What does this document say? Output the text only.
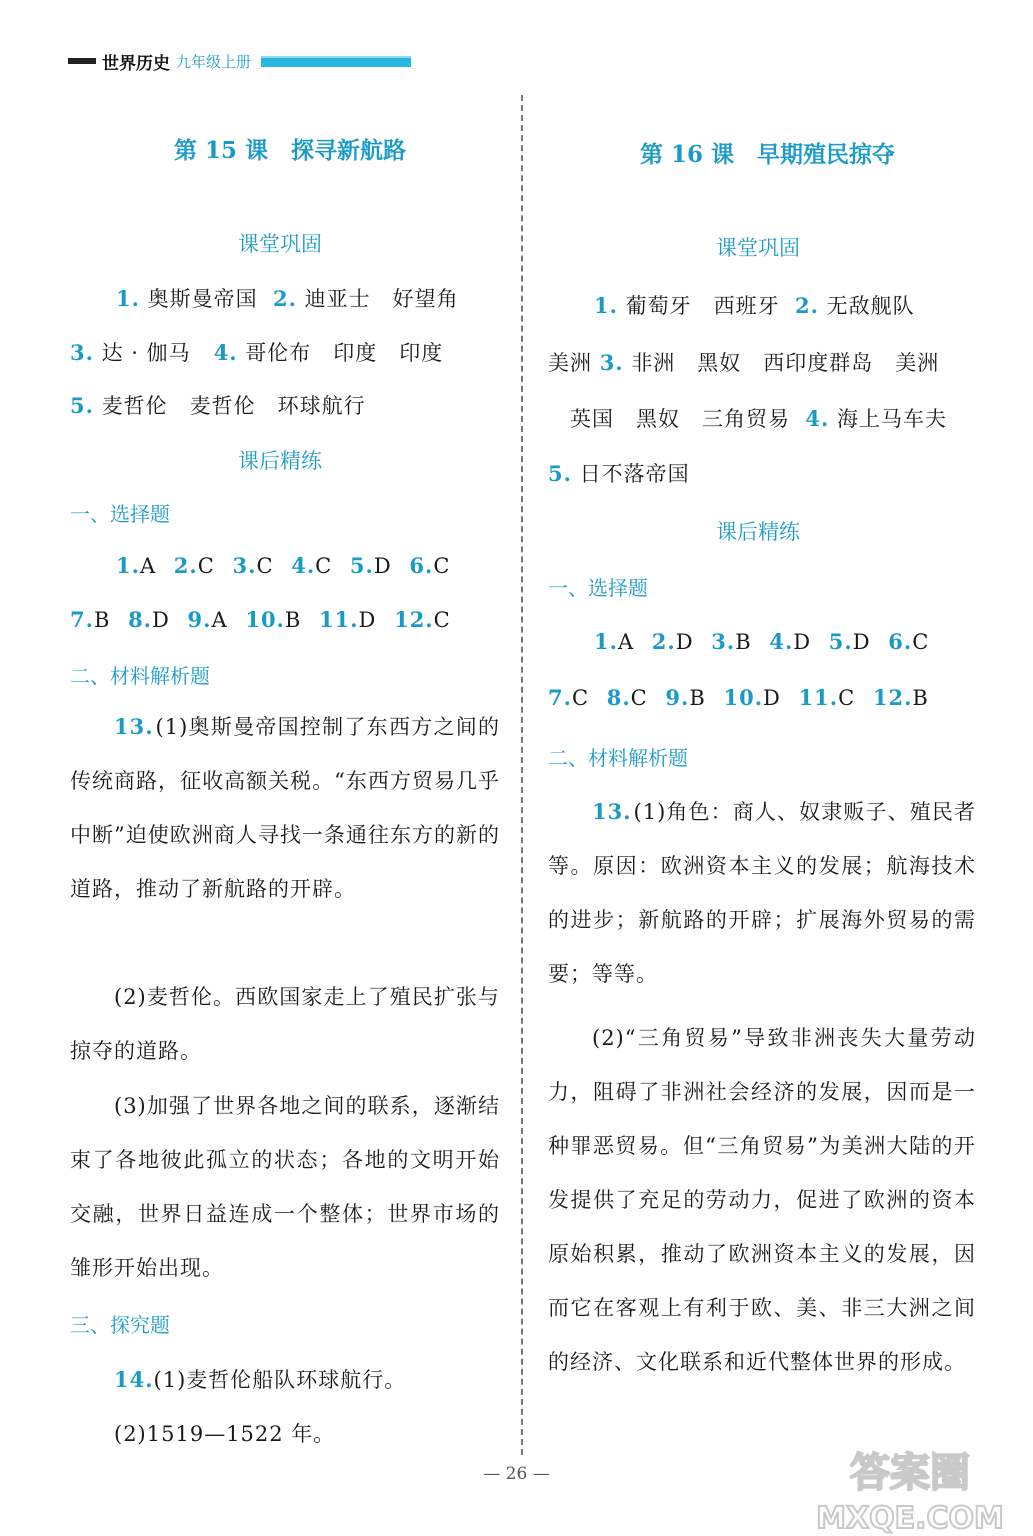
世界历史 九年级上册
第 15 课　探寻新航路
课堂巩固
1. 奥斯曼帝国 2. 迪亚士　好望角
3. 达 · 伽马 4. 哥伦布　印度　印度
5. 麦哲伦　麦哲伦　环球航行
课后精练
一、选择题
1.A 2.C 3.C 4.C 5.D 6.C
7.B 8.D 9.A 10.B 11.D 12.C
二、材料解析题
13.(1)奥斯曼帝国控制了东西方之间的传统商路，征收高额关税。“东西方贸易几乎中断”迫使欧洲商人寻找一条通往东方的新的道路，推动了新航路的开辟。
(2)麦哲伦。西欧国家走上了殖民扩张与掠夺的道路。
(3)加强了世界各地之间的联系，逐渐结束了各地彼此孤立的状态；各地的文明开始交融，世界日益连成一个整体；世界市场的雏形开始出现。
三、探究题
14.(1)麦哲伦船队环球航行。
(2)1519—1522 年。
第 16 课　早期殖民掠夺
课堂巩固
1. 葡萄牙　西班牙 2. 无敌舰队
美洲 3. 非洲　黑奴　西印度群岛　美洲
英国　黑奴　三角贸易 4. 海上马车夫
5. 日不落帝国
课后精练
一、选择题
1.A 2.D 3.B 4.D 5.D 6.C
7.C 8.C 9.B 10.D 11.C 12.B
二、材料解析题
13.(1)角色：商人、奴隶贩子、殖民者等。原因：欧洲资本主义的发展；航海技术的进步；新航路的开辟；扩展海外贸易的需要；等等。
(2)“三角贸易”导致非洲丧失大量劳动力，阻碍了非洲社会经济的发展，因而是一种罪恶贸易。但“三角贸易”为美洲大陆的开发提供了充足的劳动力，促进了欧洲的资本原始积累，推动了欧洲资本主义的发展，因而它在客观上有利于欧、美、非三大洲之间的经济、文化联系和近代整体世界的形成。
— 26 —	答案圈
MXQE.COM
